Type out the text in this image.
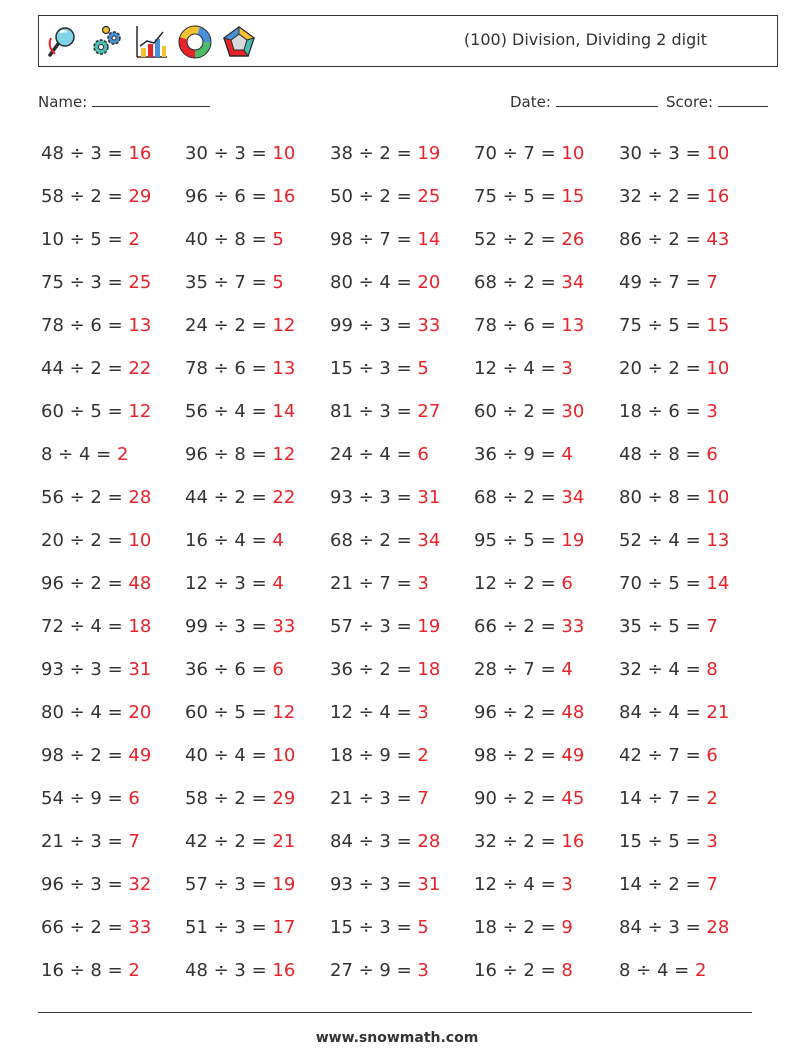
(100) Division, Dividing 2 digit
Name:	Date:	Score:
48 ÷ 3 = 16 30 ÷ 3 = 10 38 ÷ 2 = 19 70 ÷ 7 = 10 30 ÷ 3 = 10
58 ÷ 2 = 29 96 ÷ 6 = 16 50 ÷ 2 = 25 75 ÷ 5 = 15 32 ÷ 2 = 16
10 ÷ 5 = 2	40 ÷ 8 = 5	98 ÷ 7 = 14 52 ÷ 2 = 26 86 ÷ 2 = 43
75 ÷ 3 = 25 35 ÷ 7 = 5	80 ÷ 4 = 20 68 ÷ 2 = 34 49 ÷ 7 = 7
78 ÷ 6 = 13 24 ÷ 2 = 12 99 ÷ 3 = 33 78 ÷ 6 = 13 75 ÷ 5 = 15
44 ÷ 2 = 22 78 ÷ 6 = 13 15 ÷ 3 = 5	12 ÷ 4 = 3	20 ÷ 2 = 10
60 ÷ 5 = 12 56 ÷ 4 = 14 81 ÷ 3 = 27 60 ÷ 2 = 30 18 ÷ 6 = 3
8 ÷ 4 = 2	96 ÷ 8 = 12 24 ÷ 4 = 6	36 ÷ 9 = 4	48 ÷ 8 = 6
56 ÷ 2 = 28 44 ÷ 2 = 22 93 ÷ 3 = 31 68 ÷ 2 = 34 80 ÷ 8 = 10
20 ÷ 2 = 10 16 ÷ 4 = 4	68 ÷ 2 = 34 95 ÷ 5 = 19 52 ÷ 4 = 13
96 ÷ 2 = 48 12 ÷ 3 = 4	21 ÷ 7 = 3	12 ÷ 2 = 6	70 ÷ 5 = 14
72 ÷ 4 = 18 99 ÷ 3 = 33 57 ÷ 3 = 19 66 ÷ 2 = 33 35 ÷ 5 = 7
93 ÷ 3 = 31 36 ÷ 6 = 6	36 ÷ 2 = 18 28 ÷ 7 = 4	32 ÷ 4 = 8
80 ÷ 4 = 20 60 ÷ 5 = 12 12 ÷ 4 = 3	96 ÷ 2 = 48 84 ÷ 4 = 21
98 ÷ 2 = 49 40 ÷ 4 = 10 18 ÷ 9 = 2	98 ÷ 2 = 49 42 ÷ 7 = 6
54 ÷ 9 = 6	58 ÷ 2 = 29 21 ÷ 3 = 7	90 ÷ 2 = 45 14 ÷ 7 = 2
21 ÷ 3 = 7	42 ÷ 2 = 21 84 ÷ 3 = 28 32 ÷ 2 = 16 15 ÷ 5 = 3
96 ÷ 3 = 32 57 ÷ 3 = 19 93 ÷ 3 = 31 12 ÷ 4 = 3	14 ÷ 2 = 7
66 ÷ 2 = 33 51 ÷ 3 = 17 15 ÷ 3 = 5	18 ÷ 2 = 9	84 ÷ 3 = 28
16 ÷ 8 = 2	48 ÷ 3 = 16 27 ÷ 9 = 3	16 ÷ 2 = 8	8 ÷ 4 = 2
www.snowmath.com
